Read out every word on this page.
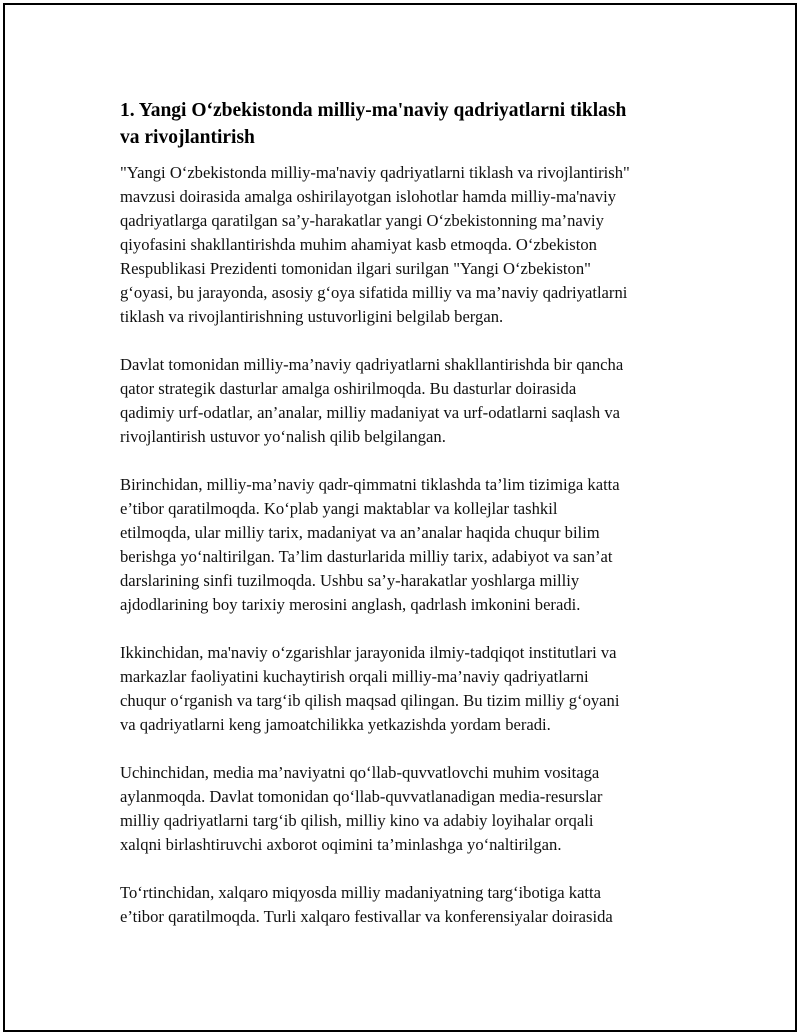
1. Yangi O‘zbekistonda milliy-ma'naviy qadriyatlarni tiklash
va rivojlantirish

"Yangi O‘zbekistonda milliy-ma'naviy qadriyatlarni tiklash va rivojlantirish"
mavzusi doirasida amalga oshirilayotgan islohotlar hamda milliy-ma'naviy
qadriyatlarga qaratilgan sa’y-harakatlar yangi O‘zbekistonning ma’naviy
qiyofasini shakllantirishda muhim ahamiyat kasb etmoqda. O‘zbekiston
Respublikasi Prezidenti tomonidan ilgari surilgan "Yangi O‘zbekiston"
g‘oyasi, bu jarayonda, asosiy g‘oya sifatida milliy va ma’naviy qadriyatlarni
tiklash va rivojlantirishning ustuvorligini belgilab bergan.

Davlat tomonidan milliy-ma’naviy qadriyatlarni shakllantirishda bir qancha
qator strategik dasturlar amalga oshirilmoqda. Bu dasturlar doirasida
qadimiy urf-odatlar, an’analar, milliy madaniyat va urf-odatlarni saqlash va
rivojlantirish ustuvor yo‘nalish qilib belgilangan.

Birinchidan, milliy-ma’naviy qadr-qimmatni tiklashda ta’lim tizimiga katta
e’tibor qaratilmoqda. Ko‘plab yangi maktablar va kollejlar tashkil
etilmoqda, ular milliy tarix, madaniyat va an’analar haqida chuqur bilim
berishga yo‘naltirilgan. Ta’lim dasturlarida milliy tarix, adabiyot va san’at
darslarining sinfi tuzilmoqda. Ushbu sa’y-harakatlar yoshlarga milliy
ajdodlarining boy tarixiy merosini anglash, qadrlash imkonini beradi.

Ikkinchidan, ma'naviy o‘zgarishlar jarayonida ilmiy-tadqiqot institutlari va
markazlar faoliyatini kuchaytirish orqali milliy-ma’naviy qadriyatlarni
chuqur o‘rganish va targ‘ib qilish maqsad qilingan. Bu tizim milliy g‘oyani
va qadriyatlarni keng jamoatchilikka yetkazishda yordam beradi.

Uchinchidan, media ma’naviyatni qo‘llab-quvvatlovchi muhim vositaga
aylanmoqda. Davlat tomonidan qo‘llab-quvvatlanadigan media-resurslar
milliy qadriyatlarni targ‘ib qilish, milliy kino va adabiy loyihalar orqali
xalqni birlashtiruvchi axborot oqimini ta’minlashga yo‘naltirilgan.

To‘rtinchidan, xalqaro miqyosda milliy madaniyatning targ‘ibotiga katta
e’tibor qaratilmoqda. Turli xalqaro festivallar va konferensiyalar doirasida
